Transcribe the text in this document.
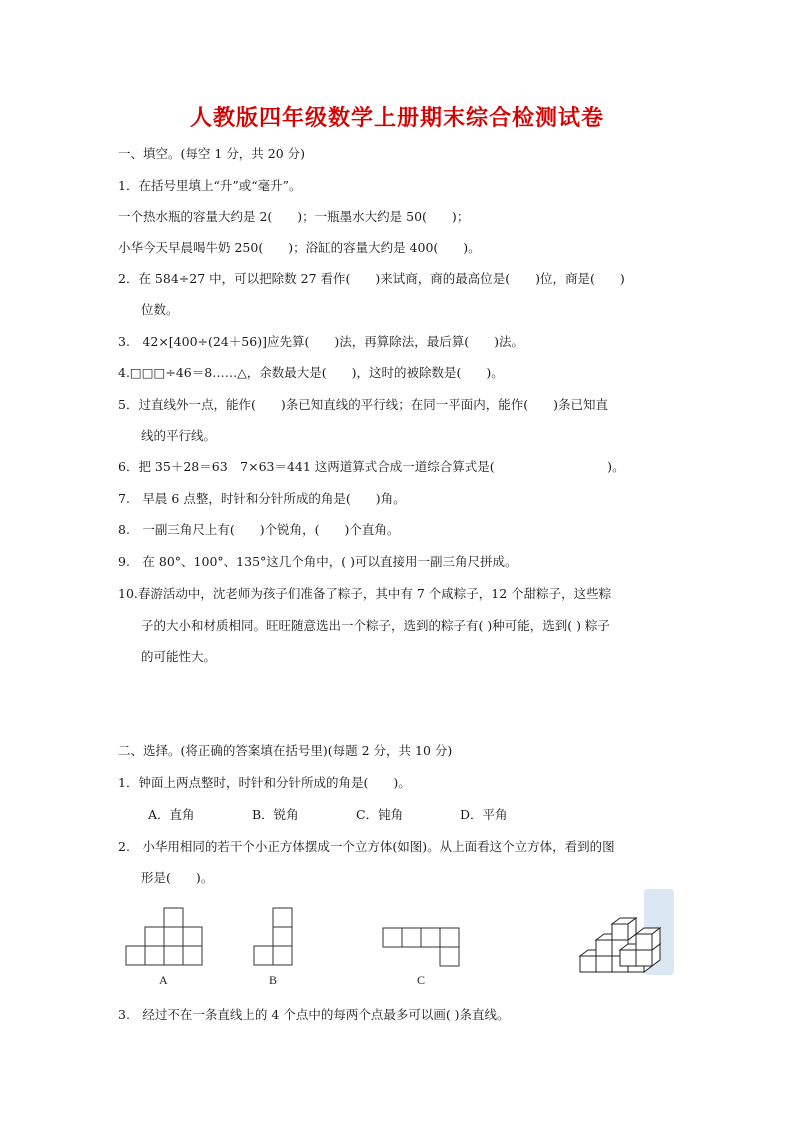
人教版四年级数学上册期末综合检测试卷
一、填空。(每空 1 分，共 20 分)
1．在括号里填上“升”或“毫升”。
一个热水瓶的容量大约是 2(　　)；一瓶墨水大约是 50(　　)；
小华今天早晨喝牛奶 250(　　)；浴缸的容量大约是 400(　　)。
2．在 584÷27 中，可以把除数 27 看作(　　)来试商，商的最高位是(　　)位，商是(　　)
位数。
3.　42×[400÷(24＋56)]应先算(　　)法，再算除法，最后算(　　)法。
4.□□□÷46＝8……△，余数最大是(　　)，这时的被除数是(　　)。
5．过直线外一点，能作(　　)条已知直线的平行线；在同一平面内，能作(　　)条已知直
线的平行线。
6．把 35＋28＝63　7×63＝441 这两道算式合成一道综合算式是(　　　　　　　　　)。
7.　早晨 6 点整，时针和分针所成的角是(　　)角。
8.　一副三角尺上有(　　)个锐角，(　　)个直角。
9.　在 80°、100°、135°这几个角中，( )可以直接用一副三角尺拼成。
10.春游活动中，沈老师为孩子们准备了粽子，其中有 7 个咸粽子，12 个甜粽子，这些粽
子的大小和材质相同。旺旺随意选出一个粽子，选到的粽子有( )种可能，选到( ) 粽子
的可能性大。
二、选择。(将正确的答案填在括号里)(每题 2 分，共 10 分)
1．钟面上两点整时，时针和分针所成的角是(　　)。
A．直角	B．锐角	C．钝角	D．平角
2.　小华用相同的若干个小正方体摆成一个立方体(如图)。从上面看这个立方体，看到的图
形是(　　)。
A	B	C
3.　经过不在一条直线上的 4 个点中的每两个点最多可以画( )条直线。
